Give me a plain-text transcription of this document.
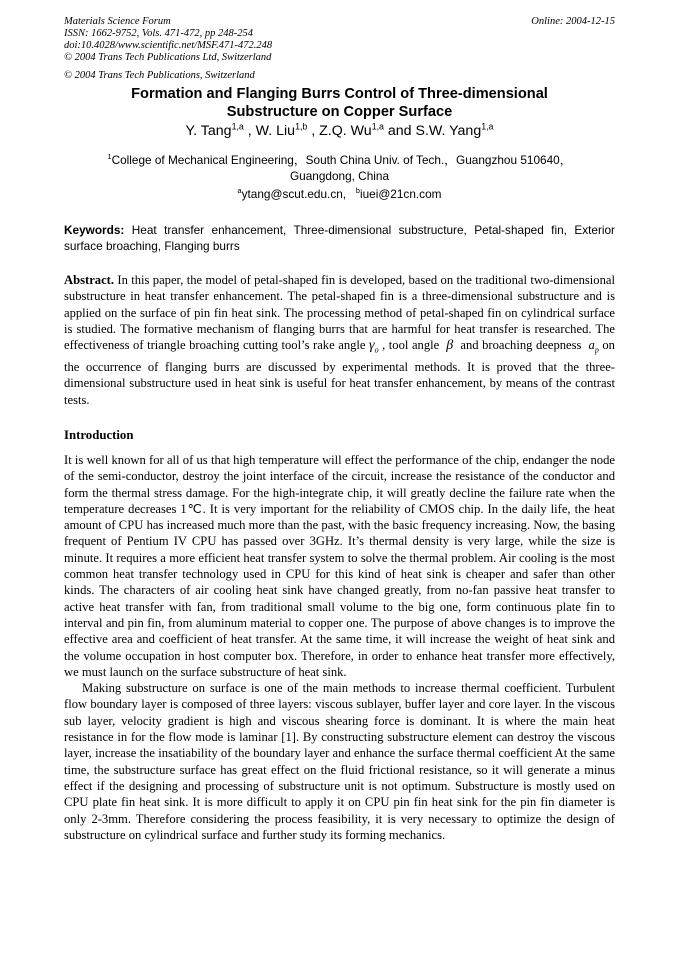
Materials Science Forum	Online: 2004-12-15
ISSN: 1662-9752, Vols. 471-472, pp 248-254
doi:10.4028/www.scientific.net/MSF.471-472.248
© 2004 Trans Tech Publications Ltd, Switzerland
© 2004 Trans Tech Publications, Switzerland
Formation and Flanging Burrs Control of Three-dimensional
Substructure on Copper Surface
Y. Tang$^{1,a}$ , W. Liu$^{1,b}$ , Z.Q. Wu$^{1,a}$ and S.W. Yang$^{1,a}$
$^1$College of Mechanical Engineering，South China Univ. of Tech.，Guangzhou 510640，
Guangdong, China
$^a$ytang@scut.edu.cn, $^b$iuei@21cn.com
Keywords: Heat transfer enhancement, Three-dimensional substructure, Petal-shaped fin, Exterior surface broaching, Flanging burrs

Abstract. In this paper, the model of petal-shaped fin is developed, based on the traditional two-dimensional substructure in heat transfer enhancement. The petal-shaped fin is a three-dimensional substructure and is applied on the surface of pin fin heat sink. The processing method of petal-shaped fin on cylindrical surface is studied. The formative mechanism of flanging burrs that are harmful for heat transfer is researched. The effectiveness of triangle broaching cutting tool’s rake angle $\gamma_o$ , tool angle  β  and broaching deepness  $a_p$ on the occurrence of flanging burrs are discussed by experimental methods. It is proved that the three-dimensional substructure used in heat sink is useful for heat transfer enhancement, by means of the contrast tests.

Introduction

It is well known for all of us that high temperature will effect the performance of the chip, endanger the node of the semi-conductor, destroy the joint interface of the circuit, increase the resistance of the conductor and form the thermal stress damage. For the high-integrate chip, it will greatly decline the failure rate when the temperature decreases 1℃. It is very important for the reliability of CMOS chip. In the daily life, the heat amount of CPU has increased much more than the past, with the basic frequency increasing. Now, the basing frequent of Pentium IV CPU has passed over 3GHz. It’s thermal density is very large, while the size is minute. It requires a more efficient heat transfer system to solve the thermal problem. Air cooling is the most common heat transfer technology used in CPU for this kind of heat sink is cheaper and safer than other kinds. The characters of air cooling heat sink have changed greatly, from no-fan passive heat transfer to active heat transfer with fan, from traditional small volume to the big one, form continuous plate fin to interval and pin fin, from aluminum material to copper one. The purpose of above changes is to improve the effective area and coefficient of heat transfer. At the same time, it will increase the weight of heat sink and the volume occupation in host computer box. Therefore, in order to enhance heat transfer more effectively, we must launch on the surface substructure of heat sink.

Making substructure on surface is one of the main methods to increase thermal coefficient. Turbulent flow boundary layer is composed of three layers: viscous sublayer, buffer layer and core layer. In the viscous sub layer, velocity gradient is high and viscous shearing force is dominant. It is where the main heat resistance in for the flow mode is laminar [1]. By constructing substructure element can destroy the viscous layer, increase the insatiability of the boundary layer and enhance the surface thermal coefficient At the same time, the substructure surface has great effect on the fluid frictional resistance, so it will generate a minus effect if the designing and processing of substructure unit is not optimum. Substructure is mostly used on CPU plate fin heat sink. It is more difficult to apply it on CPU pin fin heat sink for the pin fin diameter is only 2-3mm. Therefore considering the process feasibility, it is very necessary to optimize the design of substructure on cylindrical surface and further study its forming mechanics.
